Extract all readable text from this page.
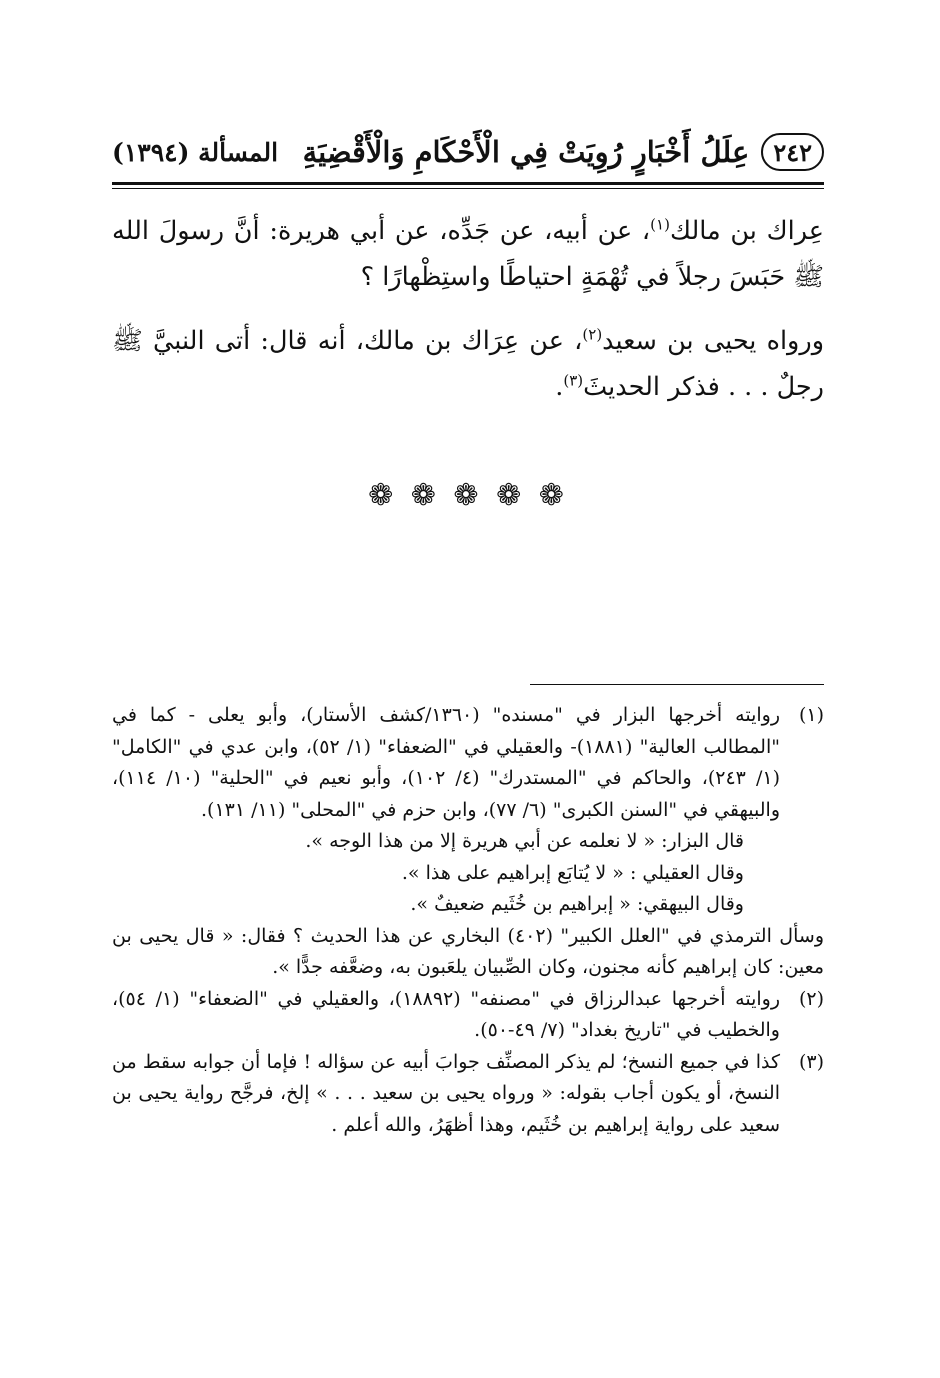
٢٤٢
عِلَلُ أَخْبَارٍ رُوِيَتْ فِي الْأَحْكَامِ وَالْأَقْضِيَةِ
المسألة (١٣٩٤)

عِراك بن مالك$^{(١)}$، عن أبيه، عن جَدِّه، عن أبي هريرة: أنَّ رسولَ الله ﷺ حَبَسَ رجلاً في تُهْمَةٍ احتياطًا واستِظْهارًا ؟

ورواه يحيى بن سعيد$^{(٢)}$، عن عِرَاك بن مالك، أنه قال: أتى النبيَّ ﷺ رجلٌ . . . فذكر الحديثَ$^{(٣)}$.

❁ ❁ ❁ ❁ ❁
(١)

روايته أخرجها البزار في "مسنده" (١٣٦٠/كشف الأستار)، وأبو يعلى - كما في "المطالب العالية" (١٨٨١)- والعقيلي في "الضعفاء" (١/ ٥٢)، وابن عدي في "الكامل" (١/ ٢٤٣)، والحاكم في "المستدرك" (٤/ ١٠٢)، وأبو نعيم في "الحلية" (١٠/ ١١٤)، والبيهقي في "السنن الكبرى" (٦/ ٧٧)، وابن حزم في "المحلى" (١١/ ١٣١).

قال البزار: « لا نعلمه عن أبي هريرة إلا من هذا الوجه ».

وقال العقيلي : « لا يُتابَع إبراهيم على هذا ».

وقال البيهقي: « إبراهيم بن خُثَيم ضعيفٌ ».

وسأل الترمذي في "العلل الكبير" (٤٠٢) البخاري عن هذا الحديث ؟ فقال: « قال يحيى بن معين: كان إبراهيم كأنه مجنون، وكان الصِّبيان يلعَبون به، وضعَّفه جدًّا ».

(٢)

روايته أخرجها عبدالرزاق في "مصنفه" (١٨٨٩٢)، والعقيلي في "الضعفاء" (١/ ٥٤)، والخطيب في "تاريخ بغداد" (٧/ ٤٩-٥٠).

(٣)

كذا في جميع النسخ؛ لم يذكر المصنِّف جوابَ أبيه عن سؤاله ! فإما أن جوابه سقط من النسخ، أو يكون أجاب بقوله: « ورواه يحيى بن سعيد . . . » إلخ، فرجَّح رواية يحيى بن سعيد على رواية إبراهيم بن خُثَيم، وهذا أظهَرُ، والله أعلم .
